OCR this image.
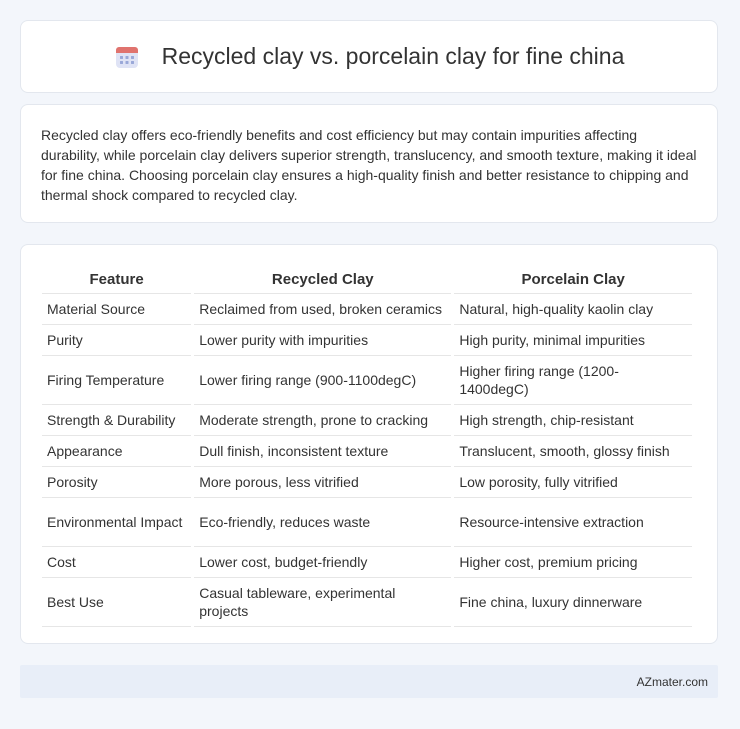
Recycled clay vs. porcelain clay for fine china

Recycled clay offers eco-friendly benefits and cost efficiency but may contain impurities affecting durability, while porcelain clay delivers superior strength, translucency, and smooth texture, making it ideal for fine china. Choosing porcelain clay ensures a high-quality finish and better resistance to chipping and thermal shock compared to recycled clay.

Feature	Recycled Clay	Porcelain Clay
Material Source	Reclaimed from used, broken ceramics	Natural, high-quality kaolin clay
Purity	Lower purity with impurities	High purity, minimal impurities
Firing Temperature	Lower firing range (900-1100degC)	Higher firing range (1200-1400degC)
Strength & Durability	Moderate strength, prone to cracking	High strength, chip-resistant
Appearance	Dull finish, inconsistent texture	Translucent, smooth, glossy finish
Porosity	More porous, less vitrified	Low porosity, fully vitrified
Environmental Impact	Eco-friendly, reduces waste	Resource-intensive extraction
Cost	Lower cost, budget-friendly	Higher cost, premium pricing
Best Use	Casual tableware, experimental projects	Fine china, luxury dinnerware
AZmater.com
